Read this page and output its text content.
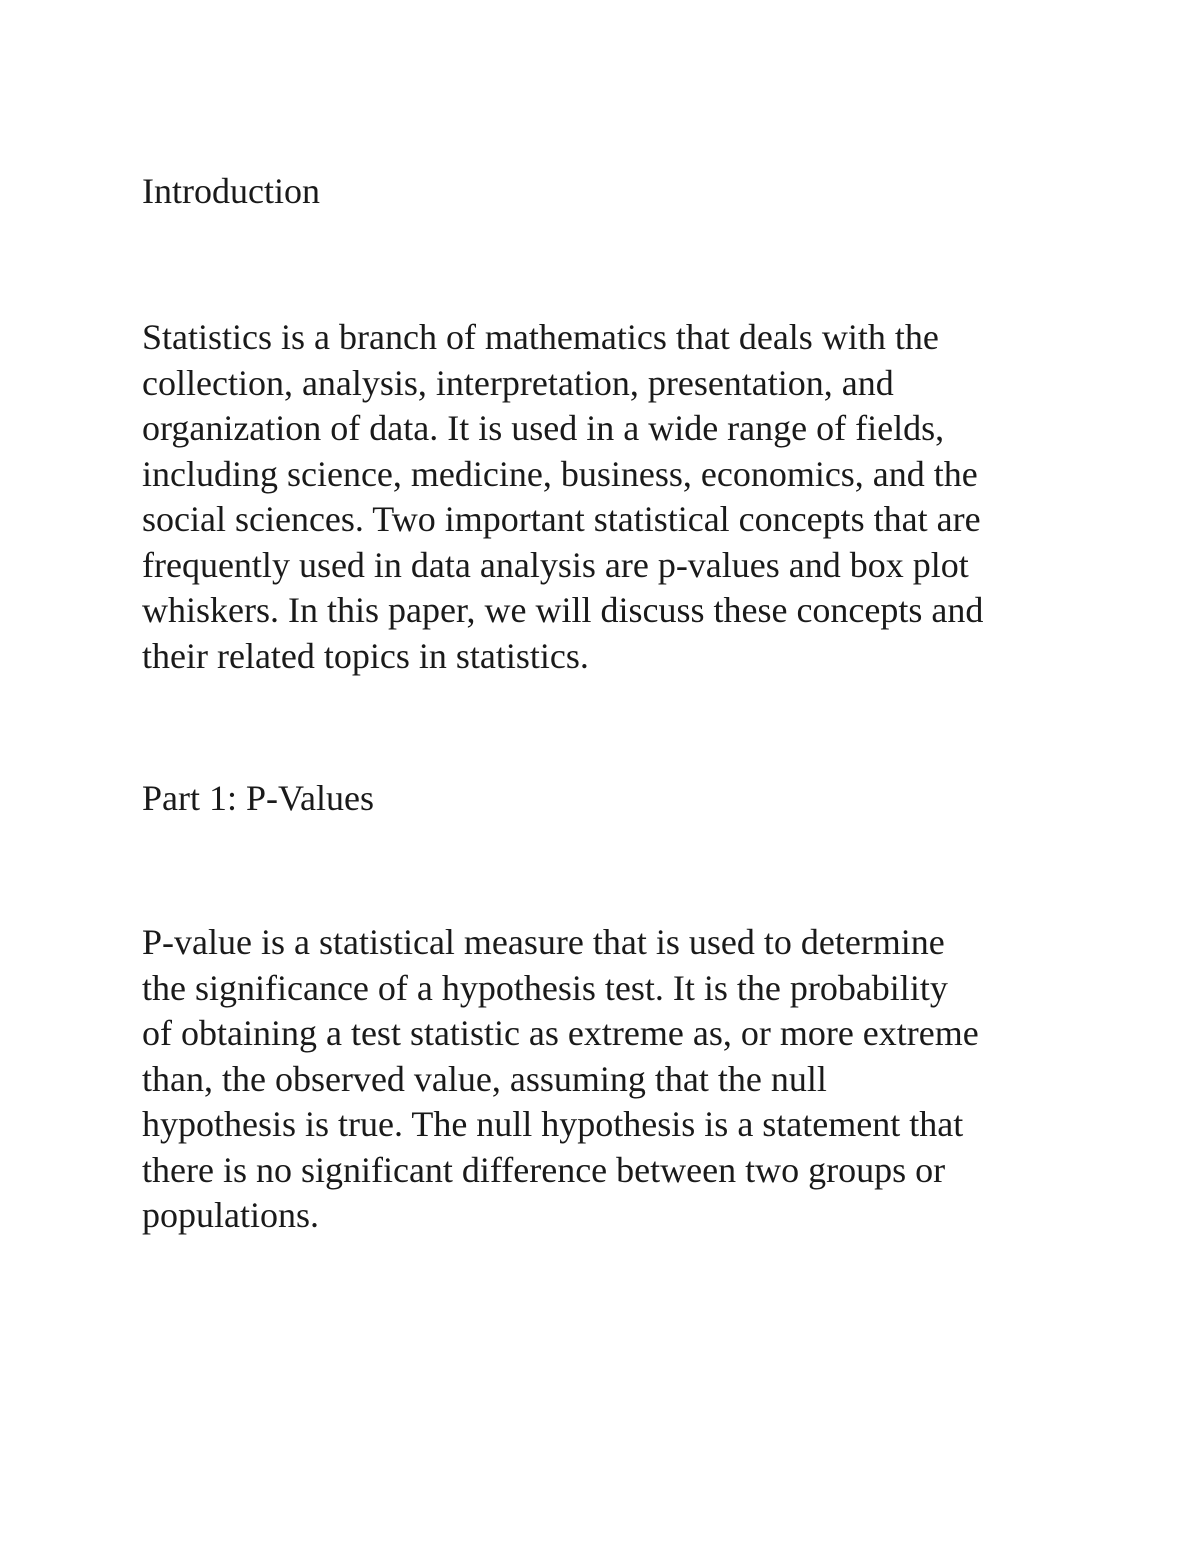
Introduction

Statistics is a branch of mathematics that deals with the
collection, analysis, interpretation, presentation, and
organization of data. It is used in a wide range of fields,
including science, medicine, business, economics, and the
social sciences. Two important statistical concepts that are
frequently used in data analysis are p-values and box plot
whiskers. In this paper, we will discuss these concepts and
their related topics in statistics.

Part 1: P-Values

P-value is a statistical measure that is used to determine
the significance of a hypothesis test. It is the probability
of obtaining a test statistic as extreme as, or more extreme
than, the observed value, assuming that the null
hypothesis is true. The null hypothesis is a statement that
there is no significant difference between two groups or
populations.
